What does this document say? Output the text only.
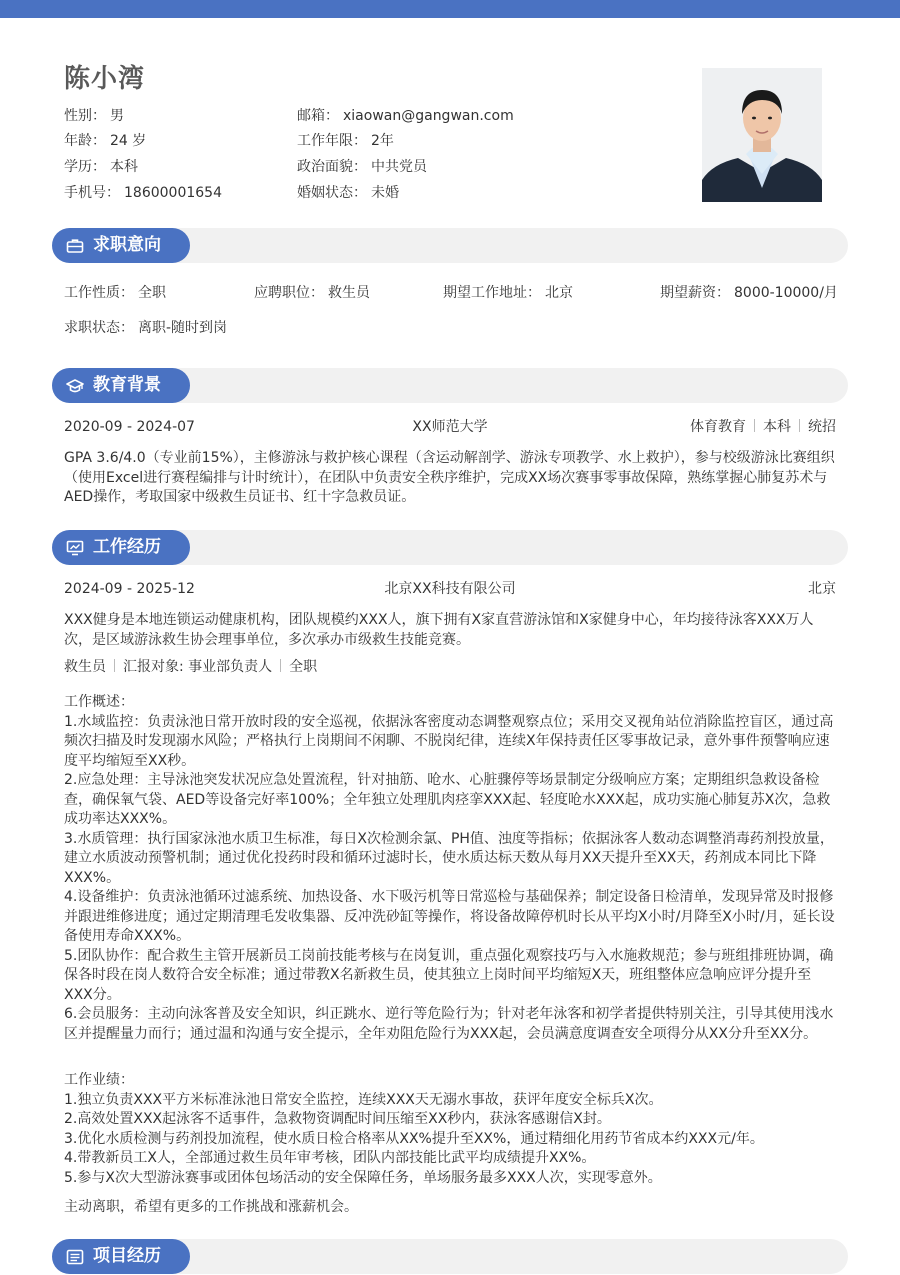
陈小湾
性别： 男
年龄： 24 岁
学历： 本科
手机号： 18600001654
邮箱： xiaowan@gangwan.com
工作年限： 2年
政治面貌： 中共党员
婚姻状态： 未婚
求职意向
工作性质： 全职	应聘职位： 救生员	期望工作地址： 北京	期望薪资： 8000-10000/月
求职状态： 离职-随时到岗
教育背景
2020-09 - 2024-07	XX师范大学	体育教育 本科 统招
GPA 3.6/4.0（专业前15%），主修游泳与救护核心课程（含运动解剖学、游泳专项教学、水上救护），参与校级游泳比赛组织（使用Excel进行赛程编排与计时统计），在团队中负责安全秩序维护，完成XX场次赛事零事故保障，熟练掌握心肺复苏术与AED操作，考取国家中级救生员证书、红十字急救员证。
工作经历
2024-09 - 2025-12	北京XX科技有限公司	北京
XXX健身是本地连锁运动健康机构，团队规模约XXX人，旗下拥有X家直营游泳馆和X家健身中心，年均接待泳客XXX万人次，是区域游泳救生协会理事单位，多次承办市级救生技能竞赛。
救生员 汇报对象: 事业部负责人 全职
工作概述：
1.水域监控：负责泳池日常开放时段的安全巡视，依据泳客密度动态调整观察点位；采用交叉视角站位消除监控盲区，通过高频次扫描及时发现溺水风险；严格执行上岗期间不闲聊、不脱岗纪律，连续X年保持责任区零事故记录，意外事件预警响应速度平均缩短至XX秒。
2.应急处理：主导泳池突发状况应急处置流程，针对抽筋、呛水、心脏骤停等场景制定分级响应方案；定期组织急救设备检查，确保氧气袋、AED等设备完好率100%；全年独立处理肌肉痉挛XXX起、轻度呛水XXX起，成功实施心肺复苏X次，急救成功率达XXX%。
3.水质管理：执行国家泳池水质卫生标准，每日X次检测余氯、PH值、浊度等指标；依据泳客人数动态调整消毒药剂投放量，建立水质波动预警机制；通过优化投药时段和循环过滤时长，使水质达标天数从每月XX天提升至XX天，药剂成本同比下降XXX%。
4.设备维护：负责泳池循环过滤系统、加热设备、水下吸污机等日常巡检与基础保养；制定设备日检清单，发现异常及时报修并跟进维修进度；通过定期清理毛发收集器、反冲洗砂缸等操作，将设备故障停机时长从平均X小时/月降至X小时/月，延长设备使用寿命XXX%。
5.团队协作：配合救生主管开展新员工岗前技能考核与在岗复训，重点强化观察技巧与入水施救规范；参与班组排班协调，确保各时段在岗人数符合安全标准；通过带教X名新救生员，使其独立上岗时间平均缩短X天，班组整体应急响应评分提升至XXX分。
6.会员服务：主动向泳客普及安全知识，纠正跳水、逆行等危险行为；针对老年泳客和初学者提供特别关注，引导其使用浅水区并提醒量力而行；通过温和沟通与安全提示，全年劝阻危险行为XXX起，会员满意度调查安全项得分从XX分升至XX分。
工作业绩：
1.独立负责XXX平方米标准泳池日常安全监控，连续XXX天无溺水事故，获评年度安全标兵X次。
2.高效处置XXX起泳客不适事件，急救物资调配时间压缩至XX秒内，获泳客感谢信X封。
3.优化水质检测与药剂投加流程，使水质日检合格率从XX%提升至XX%，通过精细化用药节省成本约XXX元/年。
4.带教新员工X人，全部通过救生员年审考核，团队内部技能比武平均成绩提升XX%。
5.参与X次大型游泳赛事或团体包场活动的安全保障任务，单场服务最多XXX人次，实现零意外。
主动离职，希望有更多的工作挑战和涨薪机会。
项目经历
